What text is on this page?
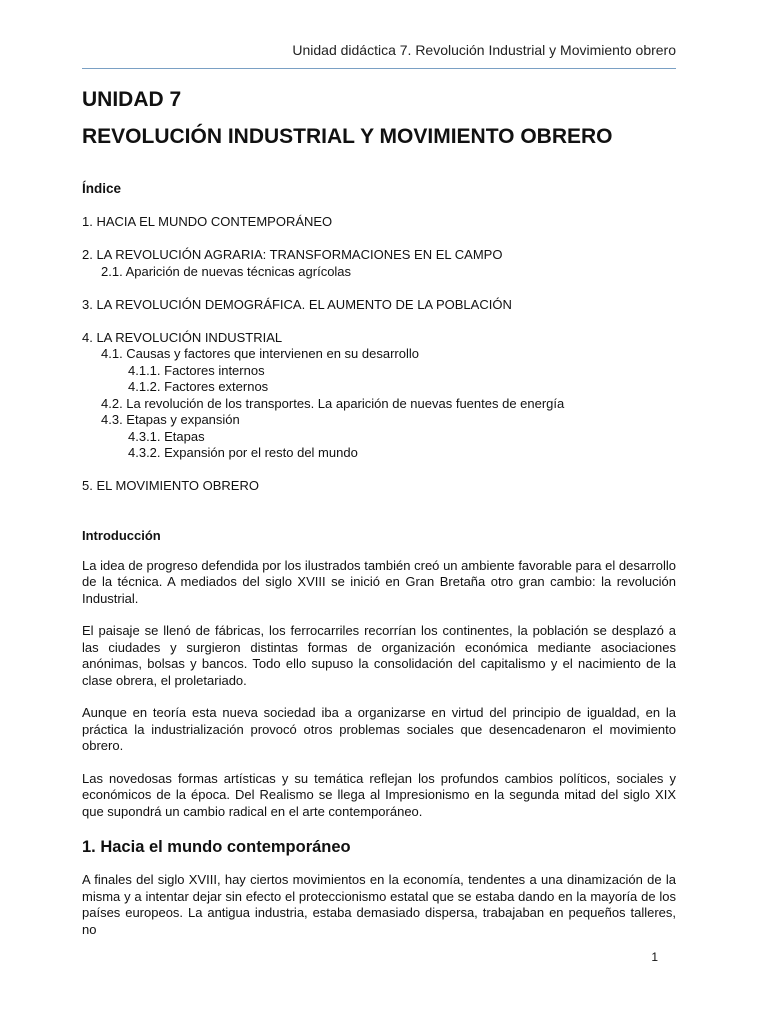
Unidad didáctica 7. Revolución Industrial y Movimiento obrero
UNIDAD 7
REVOLUCIÓN INDUSTRIAL Y MOVIMIENTO OBRERO
Índice
1. HACIA EL MUNDO CONTEMPORÁNEO
2. LA REVOLUCIÓN AGRARIA: TRANSFORMACIONES EN EL CAMPO
2.1. Aparición de nuevas técnicas agrícolas
3. LA REVOLUCIÓN DEMOGRÁFICA. EL AUMENTO DE LA POBLACIÓN
4. LA REVOLUCIÓN INDUSTRIAL
4.1. Causas y factores que intervienen en su desarrollo
4.1.1. Factores internos
4.1.2. Factores externos
4.2. La revolución de los transportes. La aparición de nuevas fuentes de energía
4.3. Etapas y expansión
4.3.1. Etapas
4.3.2. Expansión por el resto del mundo
5. EL MOVIMIENTO OBRERO
Introducción

La idea de progreso defendida por los ilustrados también creó un ambiente favorable para el desarrollo de la técnica. A mediados del siglo XVIII se inició en Gran Bretaña otro gran cambio: la revolución Industrial.

El paisaje se llenó de fábricas, los ferrocarriles recorrían los continentes, la población se desplazó a las ciudades y surgieron distintas formas de organización económica mediante asociaciones anónimas, bolsas y bancos. Todo ello supuso la consolidación del capitalismo y el nacimiento de la clase obrera, el proletariado.

Aunque en teoría esta nueva sociedad iba a organizarse en virtud del principio de igualdad, en la práctica la industrialización provocó otros problemas sociales que desencadenaron el movimiento obrero.

Las novedosas formas artísticas y su temática reflejan los profundos cambios políticos, sociales y económicos de la época. Del Realismo se llega al Impresionismo en la segunda mitad del siglo XIX que supondrá un cambio radical en el arte contemporáneo.

1. Hacia el mundo contemporáneo

A finales del siglo XVIII, hay ciertos movimientos en la economía, tendentes a una dinamización de la misma y a intentar dejar sin efecto el proteccionismo estatal que se estaba dando en la mayoría de los países europeos. La antigua industria, estaba demasiado dispersa, trabajaban en pequeños talleres, no

1
